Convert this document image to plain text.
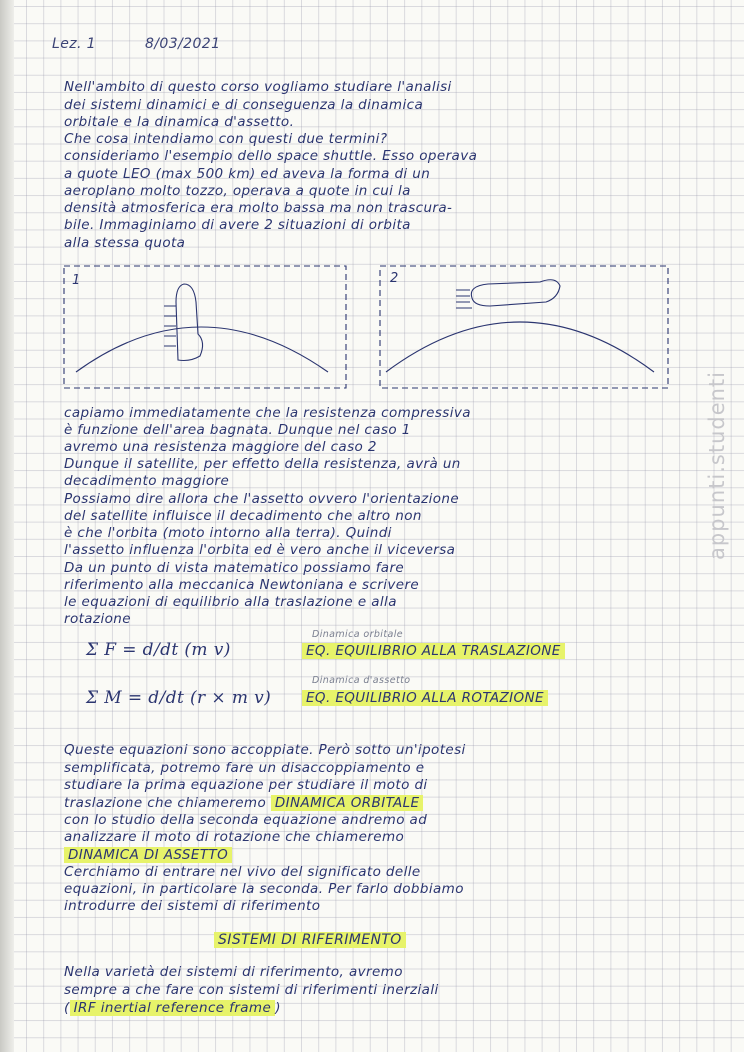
Lez. 1	8/03/2021
Nell'ambito di questo corso vogliamo studiare l'analisi
dei sistemi dinamici e di conseguenza la dinamica
orbitale e la dinamica d'assetto.
Che cosa intendiamo con questi due termini?
consideriamo l'esempio dello space shuttle. Esso operava
a quote LEO (max 500 km) ed aveva la forma di un
aeroplano molto tozzo, operava a quote in cui la
densità atmosferica era molto bassa ma non trascura-
bile. Immaginiamo di avere 2 situazioni di orbita
alla stessa quota
1	2
capiamo immediatamente che la resistenza compressiva
è funzione dell'area bagnata. Dunque nel caso 1
avremo una resistenza maggiore del caso 2
Dunque il satellite, per effetto della resistenza, avrà un
decadimento maggiore
Possiamo dire allora che l'assetto ovvero l'orientazione
del satellite influisce il decadimento che altro non
è che l'orbita (moto intorno alla terra). Quindi
l'assetto influenza l'orbita ed è vero anche il viceversa
Da un punto di vista matematico possiamo fare
riferimento alla meccanica Newtoniana e scrivere
le equazioni di equilibrio alla traslazione e alla
rotazione
Σ F = d/dt (m v)
Dinamica orbitale
EQ. EQUILIBRIO ALLA TRASLAZIONE
Σ M = d/dt (r × m v)
Dinamica d'assetto
EQ. EQUILIBRIO ALLA ROTAZIONE
Queste equazioni sono accoppiate. Però sotto un'ipotesi
semplificata, potremo fare un disaccoppiamento e
studiare la prima equazione per studiare il moto di
traslazione che chiameremo DINAMICA ORBITALE
con lo studio della seconda equazione andremo ad
analizzare il moto di rotazione che chiameremo
DINAMICA DI ASSETTO
Cerchiamo di entrare nel vivo del significato delle
equazioni, in particolare la seconda. Per farlo dobbiamo
introdurre dei sistemi di riferimento
SISTEMI DI RIFERIMENTO
Nella varietà dei sistemi di riferimento, avremo
sempre a che fare con sistemi di riferimenti inerziali
( IRF inertial reference frame )
appunti.studenti
